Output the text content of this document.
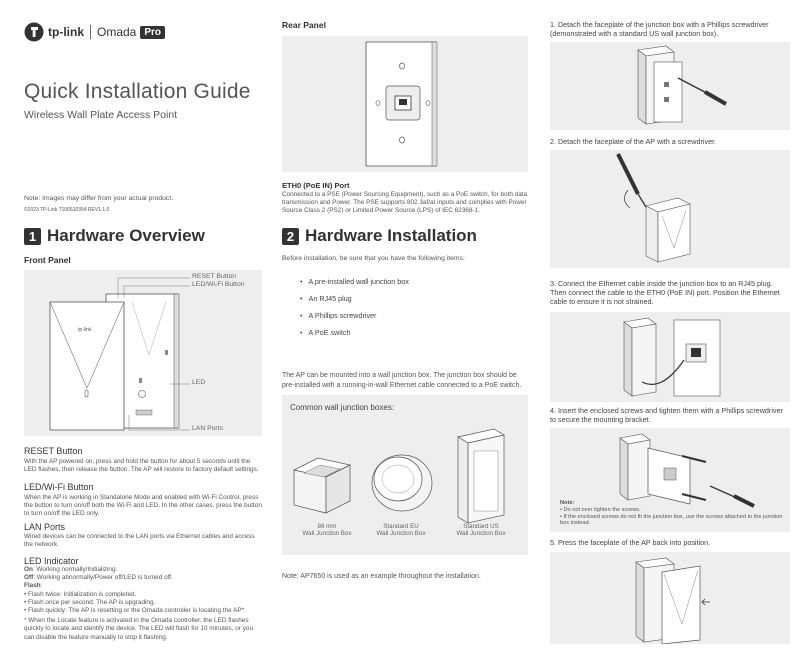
tp-link Omada Pro
Quick Installation Guide
Wireless Wall Plate Access Point
Note: Images may differ from your actual product.
©2023 TP-Link 7106510354 REV1.1.0
1 Hardware Overview
Front Panel
RESET Button
LED/Wi-Fi Button
LED
LAN Ports
tp-link
RESET Button
With the AP powered on, press and hold the button for about 5 seconds until the LED flashes, then release the button. The AP will restore to factory default settings.
LED/Wi-Fi Button
When the AP is working in Standalone Mode and enabled with Wi-Fi Control, press the button to turn on/off both the Wi-Fi and LED. In the other cases, press the button to turn on/off the LED only.
LAN Ports
Wired devices can be connected to the LAN ports via Ethernet cables and access the network.
LED Indicator
On: Working normally/Initializing.
Off: Working abnormally/Power off/LED is turned off.
Flash:
• Flash twice: Initialization is completed.
• Flash once per second: The AP is upgrading.
• Flash quickly: The AP is resetting or the Omada controller is locating the AP*.
* When the Locate feature is activated in the Omada controller, the LED flashes quickly to locate and identify the device. The LED will flash for 10 minutes, or you can disable the feature manually to stop it flashing.
Rear Panel
ETH0 (PoE IN) Port
Connected to a PSE (Power Sourcing Equipment), such as a PoE switch, for both data transmission and Power. The PSE supports 802.3af/at inputs and complies with Power Source Class 2 (PS2) or Limited Power Source (LPS) of IEC 62368-1.
2 Hardware Installation
Before installation, be sure that you have the following items:
• A pre-installed wall junction box
• An RJ45 plug
• A Phillips screwdriver
• A PoE switch
The AP can be mounted into a wall junction box. The junction box should be pre-installed with a running-in-wall Ethernet cable connected to a PoE switch.
Common wall junction boxes:
86 mm
Wall Junction Box
Standard EU
Wall Junction Box
Standard US
Wall Junction Box
Note: AP7650 is used as an example throughout the installation.
1. Detach the faceplate of the junction box with a Phillips screwdriver (demonstrated with a standard US wall junction box).
2. Detach the faceplate of the AP with a screwdriver.
3. Connect the Ethernet cable inside the junction box to an RJ45 plug. Then connect the cable to the ETH0 (PoE IN) port. Position the Ethernet cable to ensure it is not strained.
4. Insert the enclosed screws and tighten them with a Phillips screwdriver to secure the mounting bracket.
Note:
• Do not over tighten the screws.
• If the enclosed screws do not fit the junction box, use the screws attached to the junction box instead.
5. Press the faceplate of the AP back into position.
